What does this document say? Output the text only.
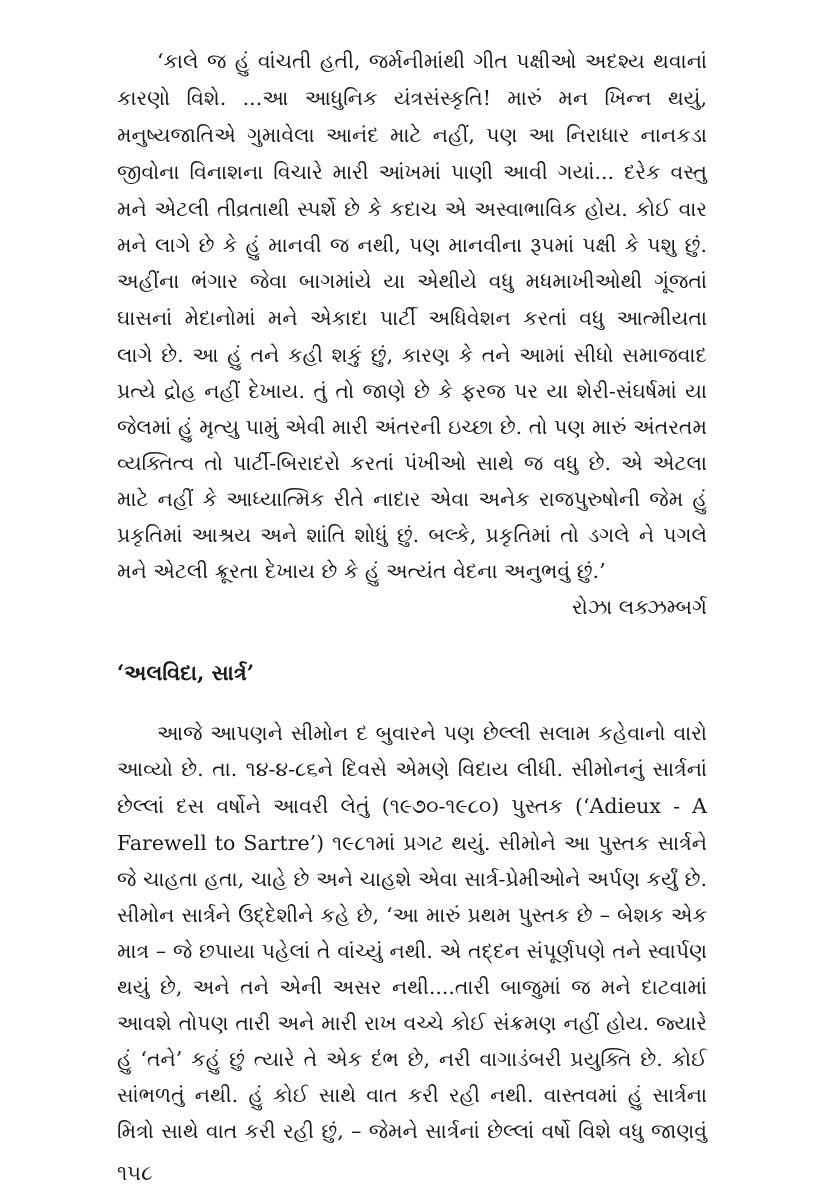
‘કાલે જ હું વાંચતી હતી, જર્મનીમાંથી ગીત પક્ષીઓ અદશ્ય થવાનાં
કારણો વિશે. ...આ આધુનિક યંત્રસંસ્કૃતિ! મારું મન ખિન્ન થયું,
મનુષ્યજાતિએ ગુમાવેલા આનંદ માટે નહીં, પણ આ નિરાધાર નાનકડા
જીવોના વિનાશના વિચારે મારી આંખમાં પાણી આવી ગયાં... દરેક વસ્તુ
મને એટલી તીવ્રતાથી સ્પર્શે છે કે કદાચ એ અસ્વાભાવિક હોય. કોઈ વાર
મને લાગે છે કે હું માનવી જ નથી, પણ માનવીના રૂપમાં પક્ષી કે પશુ છું.
અહીંના ભંગાર જેવા બાગમાંયે યા એથીયે વધુ મધમાખીઓથી ગૂંજતાં
ઘાસનાં મેદાનોમાં મને એકાદા પાર્ટી અધિવેશન કરતાં વધુ આત્મીયતા
લાગે છે. આ હું તને કહી શકું છું, કારણ કે તને આમાં સીધો સમાજવાદ
પ્રત્યે દ્રોહ નહીં દેખાય. તું તો જાણે છે કે ફરજ પર યા શેરી-સંઘર્ષમાં યા
જેલમાં હું મૃત્યુ પામું એવી મારી અંતરની ઇચ્છા છે. તો પણ મારું અંતરતમ
વ્યક્તિત્વ તો પાર્ટી-બિરાદરો કરતાં પંખીઓ સાથે જ વધુ છે. એ એટલા
માટે નહીં કે આધ્યાત્મિક રીતે નાદાર એવા અનેક રાજપુરુષોની જેમ હું
પ્રકૃતિમાં આશ્રય અને શાંતિ શોધું છું. બલ્કે, પ્રકૃતિમાં તો ડગલે ને પગલે
મને એટલી ક્રૂરતા દેખાય છે કે હું અત્યંત વેદના અનુભવું છું.’
રોઝા લક્ઝમ્બર્ગ
‘અલવિદા, સાર્ત્ર’
આજે આપણને સીમોન દ બુવારને પણ છેલ્લી સલામ કહેવાનો વારો
આવ્યો છે. તા. ૧૪-૪-૮૬ને દિવસે એમણે વિદાય લીધી. સીમોનનું સાર્ત્રનાં
છેલ્લાં દસ વર્ષોને આવરી લેતું (૧૯૭૦-૧૯૮૦) પુસ્તક (‘Adieux - A
Farewell to Sartre’) ૧૯૮૧માં પ્રગટ થયું. સીમોને આ પુસ્તક સાર્ત્રને
જે ચાહતા હતા, ચાહે છે અને ચાહશે એવા સાર્ત્ર-પ્રેમીઓને અર્પણ કર્યું છે.
સીમોન સાર્ત્રને ઉદ્દેશીને કહે છે, ‘આ મારું પ્રથમ પુસ્તક છે – બેશક એક
માત્ર – જે છપાયા પહેલાં તે વાંચ્યું નથી. એ તદ્દન સંપૂર્ણપણે તને સ્વાર્પણ
થયું છે, અને તને એની અસર નથી....તારી બાજુમાં જ મને દાટવામાં
આવશે તોપણ તારી અને મારી રાખ વચ્ચે કોઈ સંક્રમણ નહીં હોય. જ્યારે
હું ‘તને’ કહું છું ત્યારે તે એક દંભ છે, નરી વાગાડંબરી પ્રયુક્તિ છે. કોઈ
સાંભળતું નથી. હું કોઈ સાથે વાત કરી રહી નથી. વાસ્તવમાં હું સાર્ત્રના
મિત્રો સાથે વાત કરી રહી છું, – જેમને સાર્ત્રનાં છેલ્લાં વર્ષો વિશે વધુ જાણવું
૧૫૮
